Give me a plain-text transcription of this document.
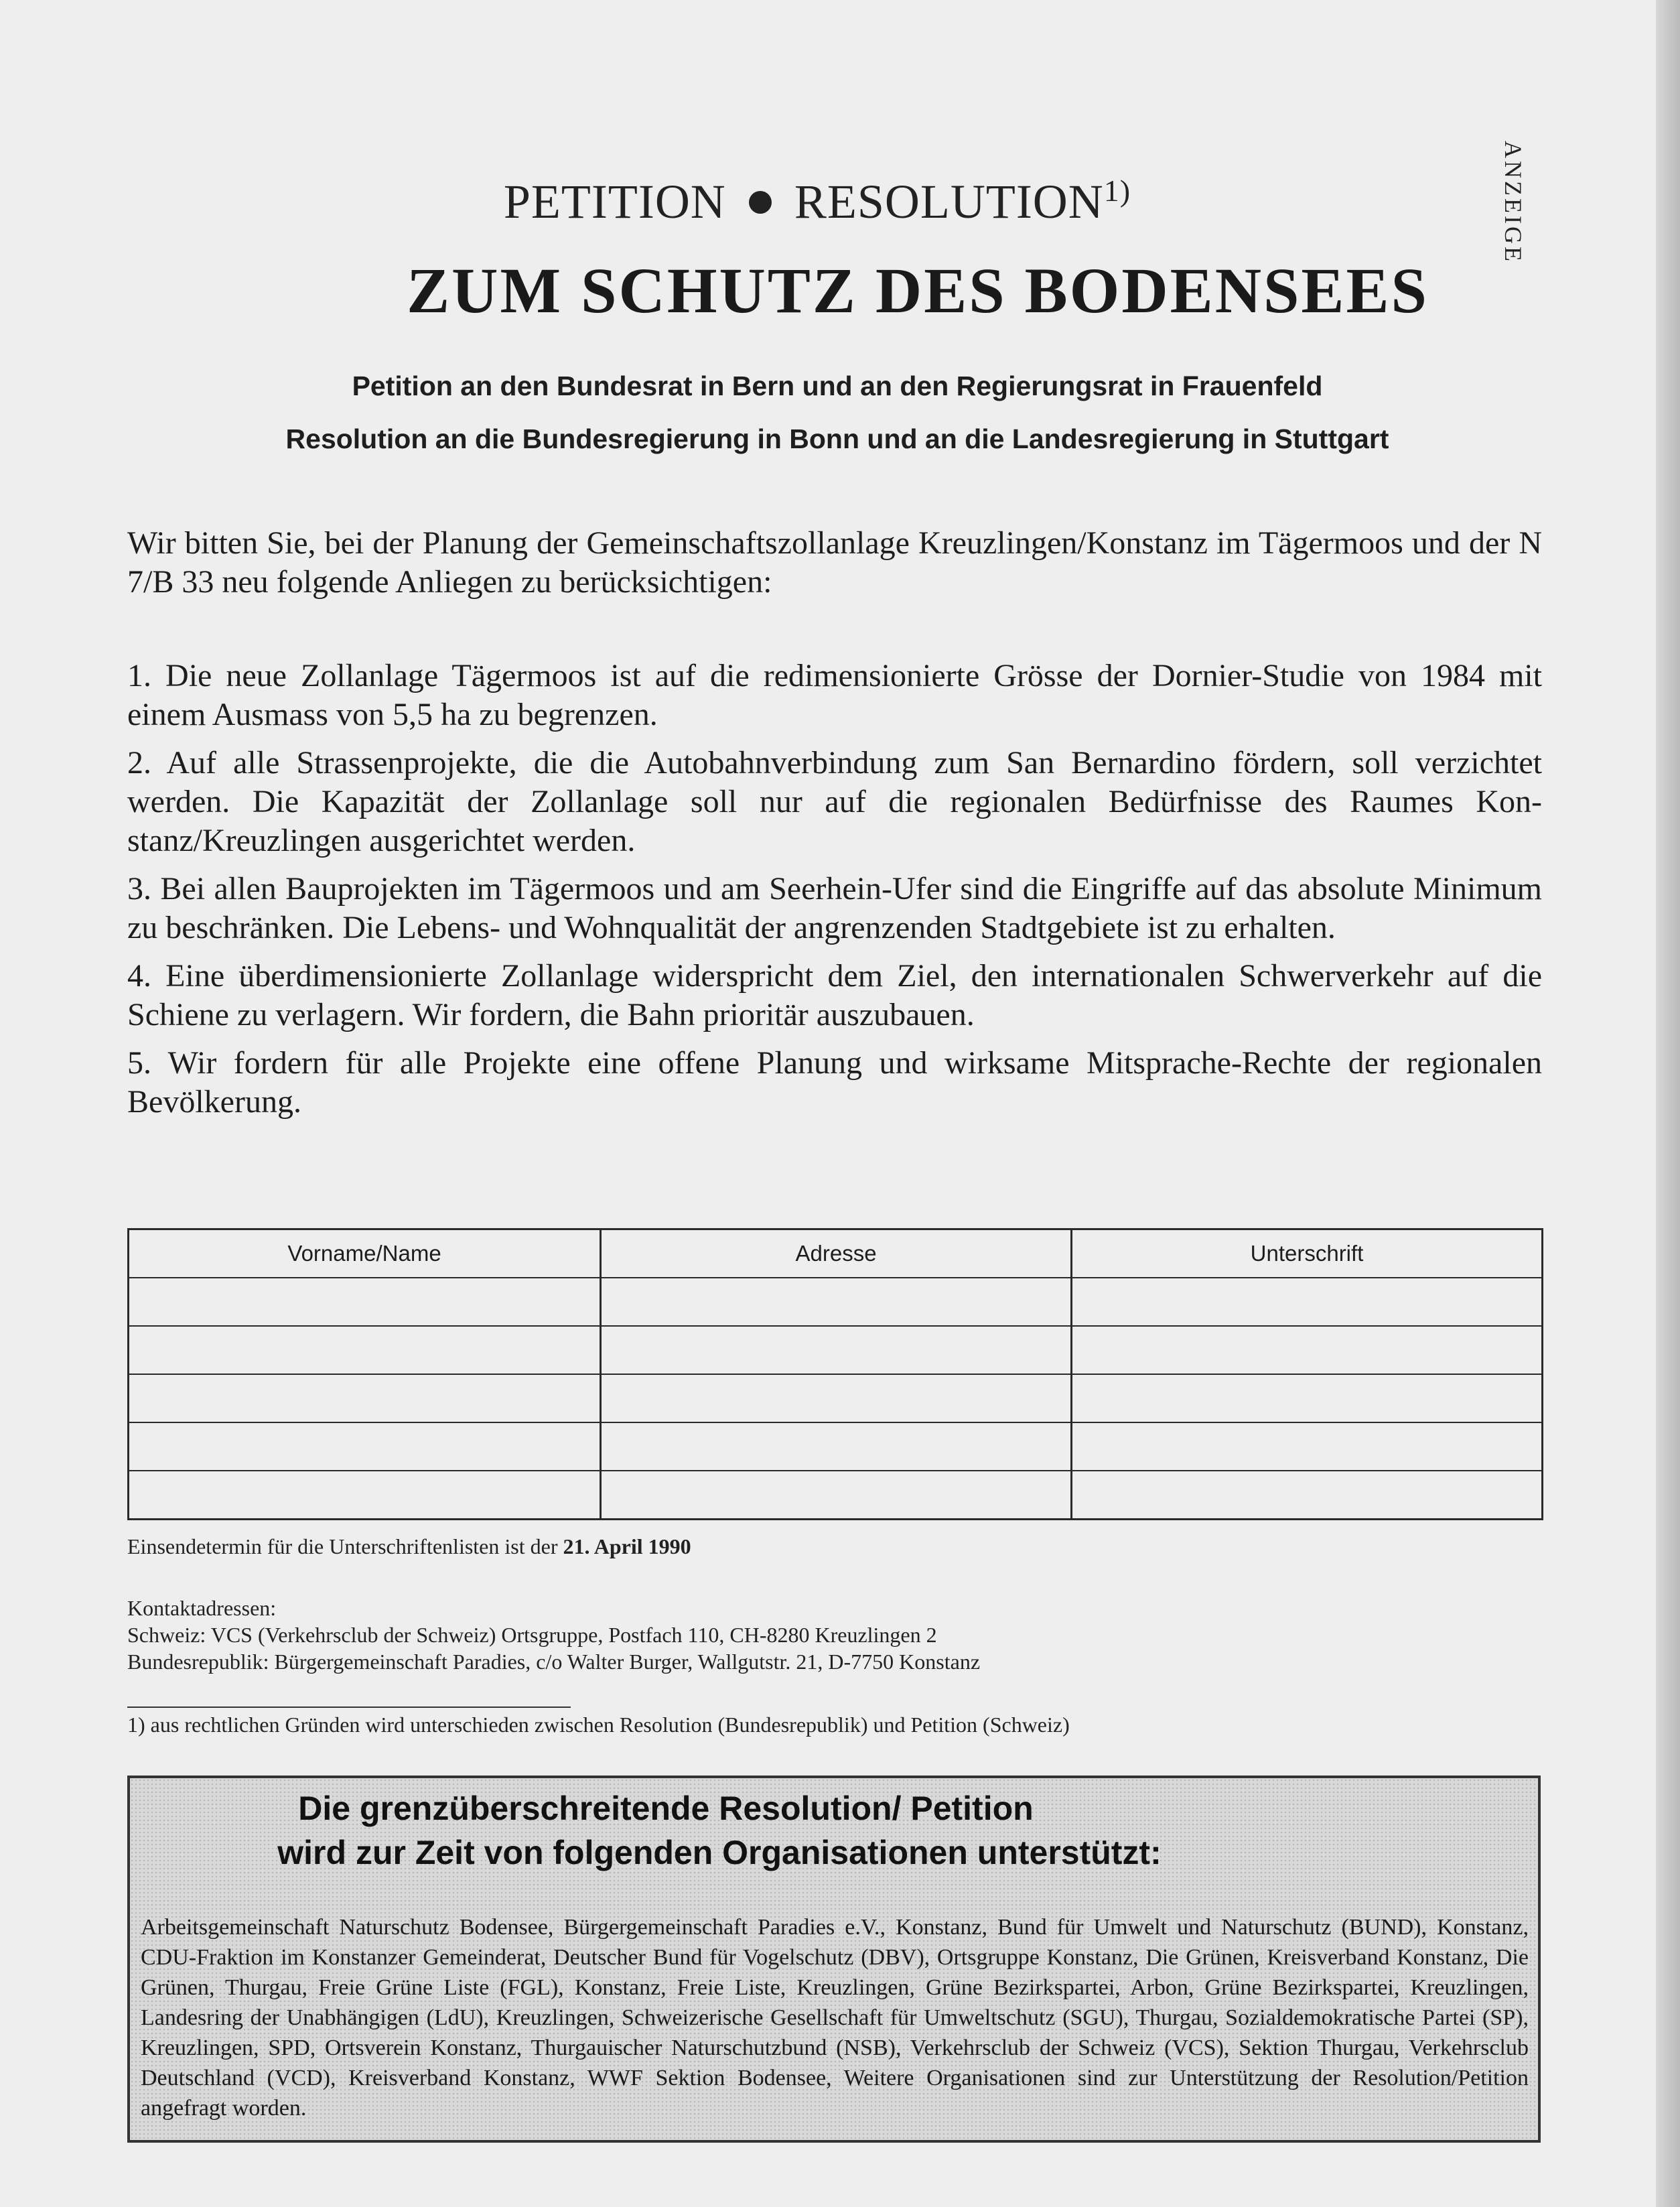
ANZEIGE
PETITION RESOLUTION$^{1)}$
ZUM SCHUTZ DES BODENSEES
Petition an den Bundesrat in Bern und an den Regierungsrat in Frauenfeld
Resolution an die Bundesregierung in Bonn und an die Landesregierung in Stuttgart

Wir bitten Sie, bei der Planung der Gemeinschaftszollanlage Kreuzlingen/Konstanz im Tägermoos und der N 7/B 33 neu folgende Anliegen zu berücksichtigen:

1. Die neue Zollanlage Tägermoos ist auf die redimensionierte Grösse der Dornier-Studie von 1984 mit einem Ausmass von 5,5 ha zu begrenzen.
2. Auf alle Strassenprojekte, die die Autobahnverbindung zum San Bernardino fördern, soll verzichtet werden. Die Kapazität der Zollanlage soll nur auf die regionalen Bedürfnisse des Raumes Konstanz/Kreuzlingen ausgerichtet werden.
3. Bei allen Bauprojekten im Tägermoos und am Seerhein-Ufer sind die Eingriffe auf das absolute Minimum zu beschränken. Die Lebens- und Wohnqualität der angrenzenden Stadtgebiete ist zu erhalten.
4. Eine überdimensionierte Zollanlage widerspricht dem Ziel, den internationalen Schwerverkehr auf die Schiene zu verlagern. Wir fordern, die Bahn prioritär auszubauen.
5. Wir fordern für alle Projekte eine offene Planung und wirksame Mitsprache-Rechte der regionalen Bevölkerung.
Vorname/Name	Adresse	Unterschrift

Einsendetermin für die Unterschriftenlisten ist der 21. April 1990
Kontaktadressen:
Schweiz: VCS (Verkehrsclub der Schweiz) Ortsgruppe, Postfach 110, CH-8280 Kreuzlingen 2
Bundesrepublik: Bürgergemeinschaft Paradies, c/o Walter Burger, Wallgutstr. 21, D-7750 Konstanz
1) aus rechtlichen Gründen wird unterschieden zwischen Resolution (Bundesrepublik) und Petition (Schweiz)
Die grenzüberschreitende Resolution/ Petition
wird zur Zeit von folgenden Organisationen unterstützt:
Arbeitsgemeinschaft Naturschutz Bodensee, Bürgergemeinschaft Paradies e.V., Konstanz, Bund für Umwelt und Naturschutz (BUND), Konstanz, CDU-Fraktion im Konstanzer Gemeinderat, Deutscher Bund für Vogelschutz (DBV), Ortsgruppe Konstanz, Die Grünen, Kreisverband Konstanz, Die Grünen, Thurgau, Freie Grüne Liste (FGL), Konstanz, Freie Liste, Kreuzlingen, Grüne Bezirkspartei, Arbon, Grüne Bezirkspartei, Kreuzlingen, Landesring der Unabhängigen (LdU), Kreuzlingen, Schweizerische Gesellschaft für Umweltschutz (SGU), Thurgau, Sozialdemokratische Partei (SP), Kreuzlingen, SPD, Ortsverein Konstanz, Thurgauischer Naturschutzbund (NSB), Verkehrsclub der Schweiz (VCS), Sektion Thurgau, Verkehrsclub Deutschland (VCD), Kreisverband Konstanz, WWF Sektion Bodensee, Weitere Organisationen sind zur Unterstützung der Resolution/Petition angefragt worden.
